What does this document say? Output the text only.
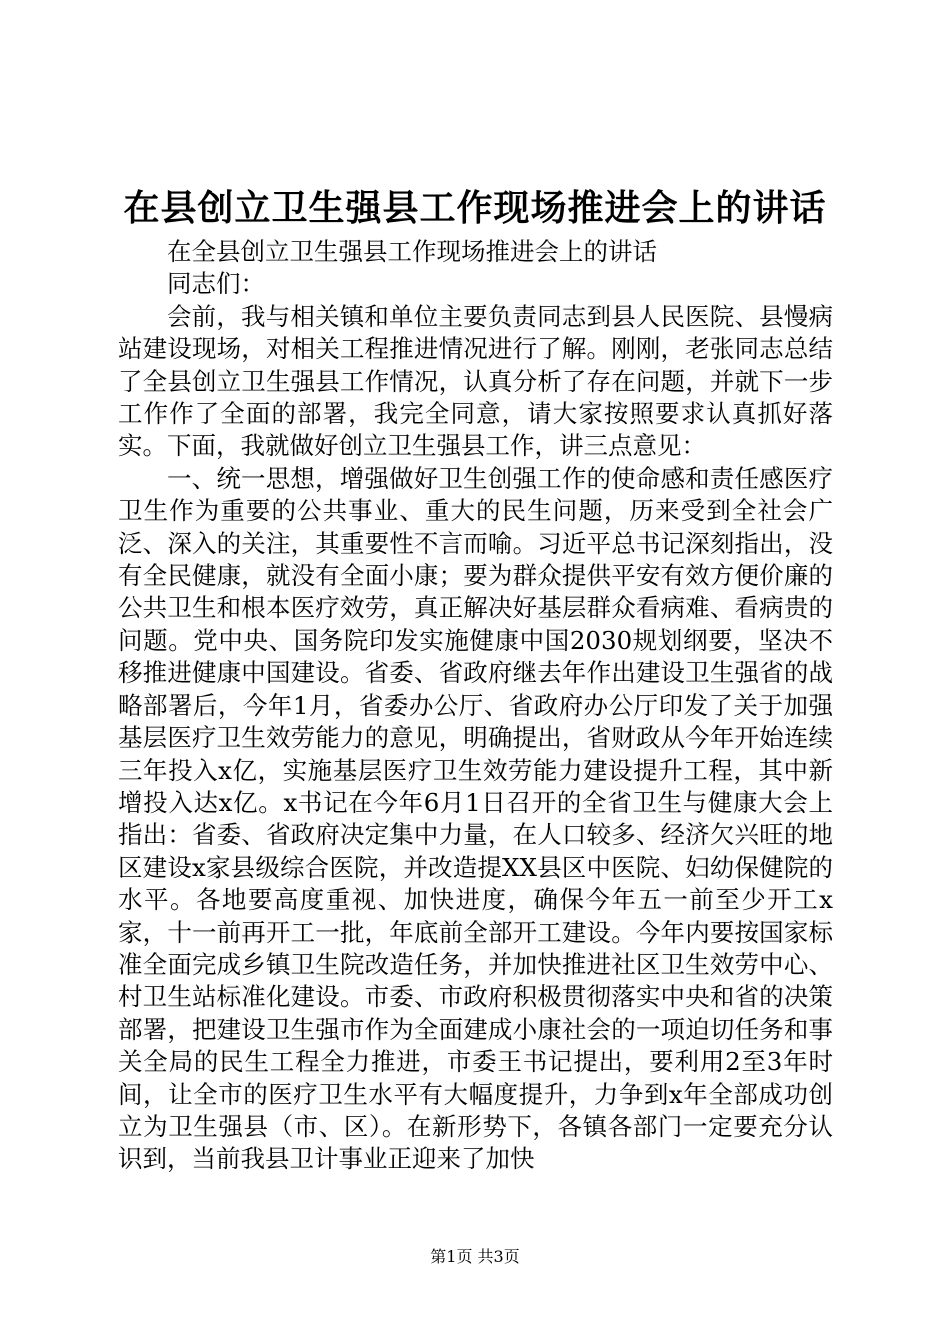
在县创立卫生强县工作现场推进会上的讲话

在全县创立卫生强县工作现场推进会上的讲话

同志们：

会前，我与相关镇和单位主要负责同志到县人民医院、县慢病站建设现场，对相关工程推进情况进行了解。刚刚，老张同志总结了全县创立卫生强县工作情况，认真分析了存在问题，并就下一步工作作了全面的部署，我完全同意，请大家按照要求认真抓好落实。下面，我就做好创立卫生强县工作，讲三点意见：

一、统一思想，增强做好卫生创强工作的使命感和责任感医疗卫生作为重要的公共事业、重大的民生问题，历来受到全社会广泛、深入的关注，其重要性不言而喻。习近平总书记深刻指出，没有全民健康，就没有全面小康；要为群众提供平安有效方便价廉的公共卫生和根本医疗效劳，真正解决好基层群众看病难、看病贵的问题。党中央、国务院印发实施健康中国2030规划纲要，坚决不移推进健康中国建设。省委、省政府继去年作出建设卫生强省的战略部署后，今年1月，省委办公厅、省政府办公厅印发了关于加强基层医疗卫生效劳能力的意见，明确提出，省财政从今年开始连续三年投入x亿，实施基层医疗卫生效劳能力建设提升工程，其中新增投入达x亿。x书记在今年6月1日召开的全省卫生与健康大会上指出：省委、省政府决定集中力量，在人口较多、经济欠兴旺的地区建设x家县级综合医院，并改造提XX县区中医院、妇幼保健院的水平。各地要高度重视、加快进度，确保今年五一前至少开工x家，十一前再开工一批，年底前全部开工建设。今年内要按国家标准全面完成乡镇卫生院改造任务，并加快推进社区卫生效劳中心、村卫生站标准化建设。市委、市政府积极贯彻落实中央和省的决策部署，把建设卫生强市作为全面建成小康社会的一项迫切任务和事关全局的民生工程全力推进，市委王书记提出，要利用2至3年时间，让全市的医疗卫生水平有大幅度提升，力争到x年全部成功创立为卫生强县（市、区）。在新形势下，各镇各部门一定要充分认识到，当前我县卫计事业正迎来了加快

第1页 共3页
